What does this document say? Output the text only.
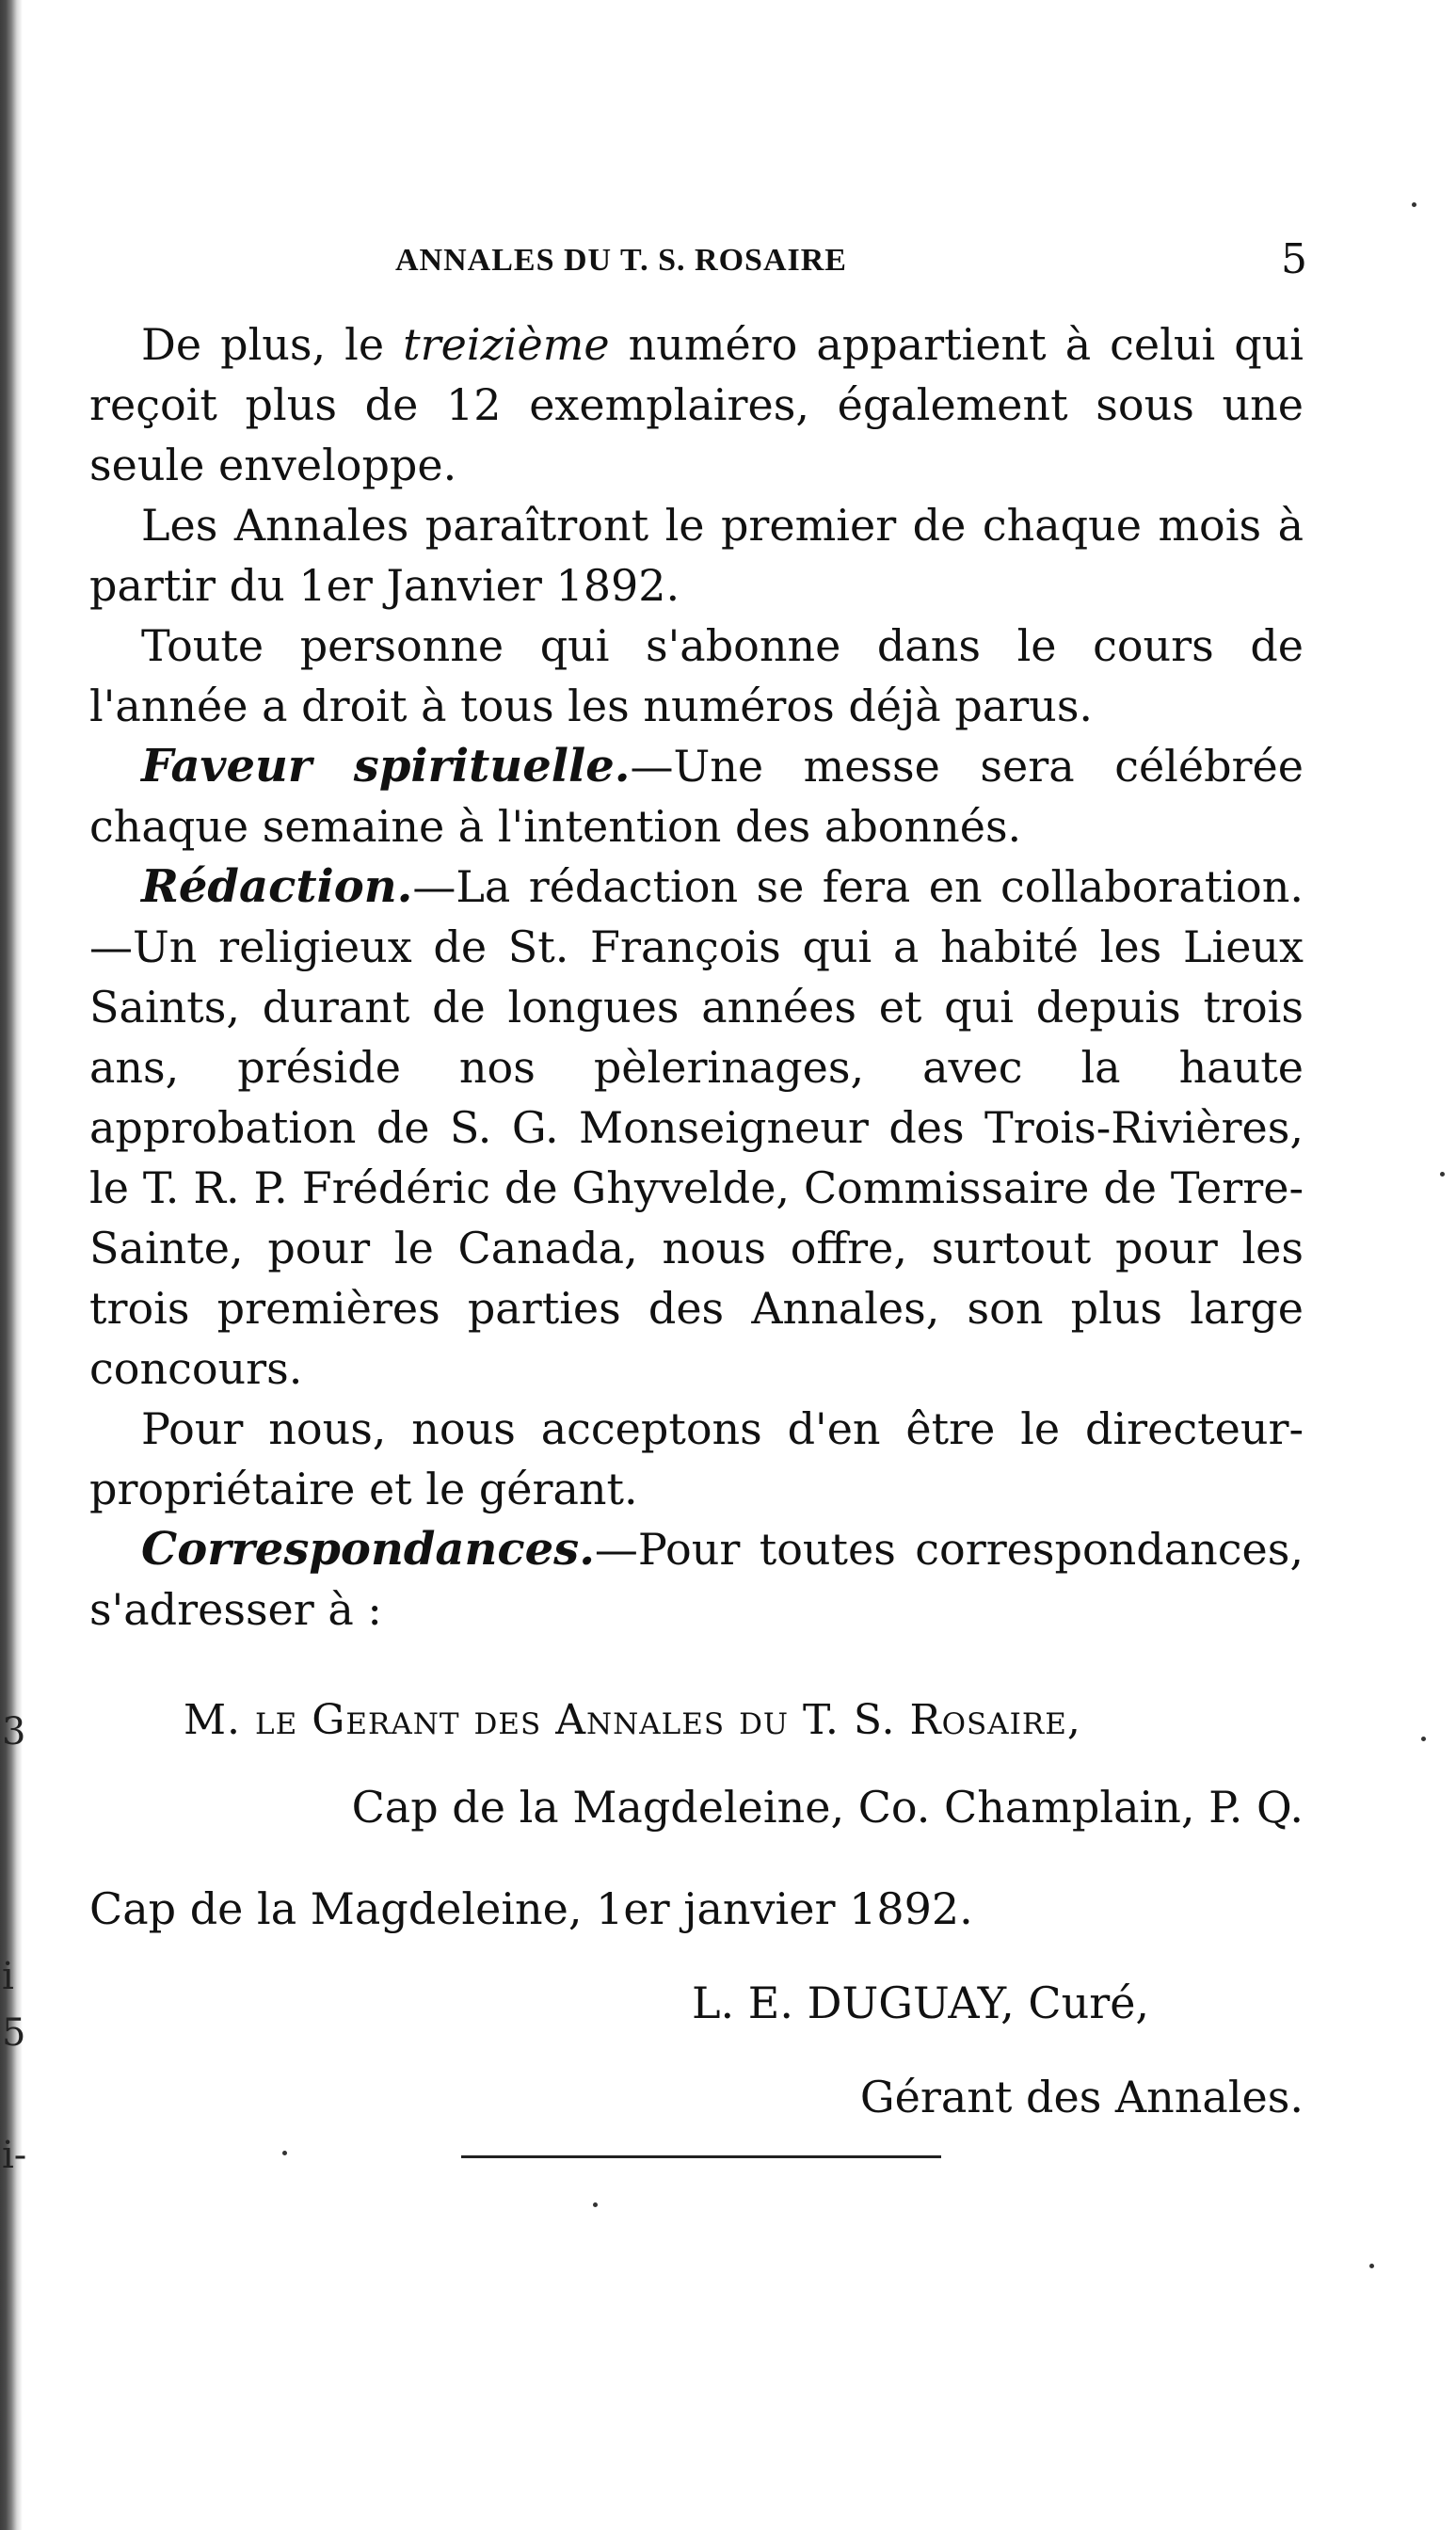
3
i
5
i-
ANNALES DU T. S. ROSAIRE	5

De plus, le treizième numéro appartient à celui qui reçoit plus de 12 exemplaires, également sous une seule enveloppe.

Les Annales paraîtront le premier de chaque mois à partir du 1er Janvier 1892.

Toute personne qui s'abonne dans le cours de l'année a droit à tous les numéros déjà parus.

Faveur spirituelle.—Une messe sera célébrée chaque semaine à l'intention des abonnés.

Rédaction.—La rédaction se fera en collaboration. —Un religieux de St. François qui a habité les Lieux Saints, durant de longues années et qui depuis trois ans, préside nos pèlerinages, avec la haute approbation de S. G. Monseigneur des Trois-Rivières, le T. R. P. Frédéric de Ghyvelde, Commissaire de Terre-Sainte, pour le Canada, nous offre, surtout pour les trois premières parties des Annales, son plus large concours.

Pour nous, nous acceptons d'en être le directeur-propriétaire et le gérant.

Correspondances.—Pour toutes correspondances, s'adresser à :

M. le Gerant des Annales du T. S. Rosaire,
Cap de la Magdeleine, Co. Champlain, P. Q.
Cap de la Magdeleine, 1er janvier 1892.
L. E. DUGUAY, Curé,
Gérant des Annales.
